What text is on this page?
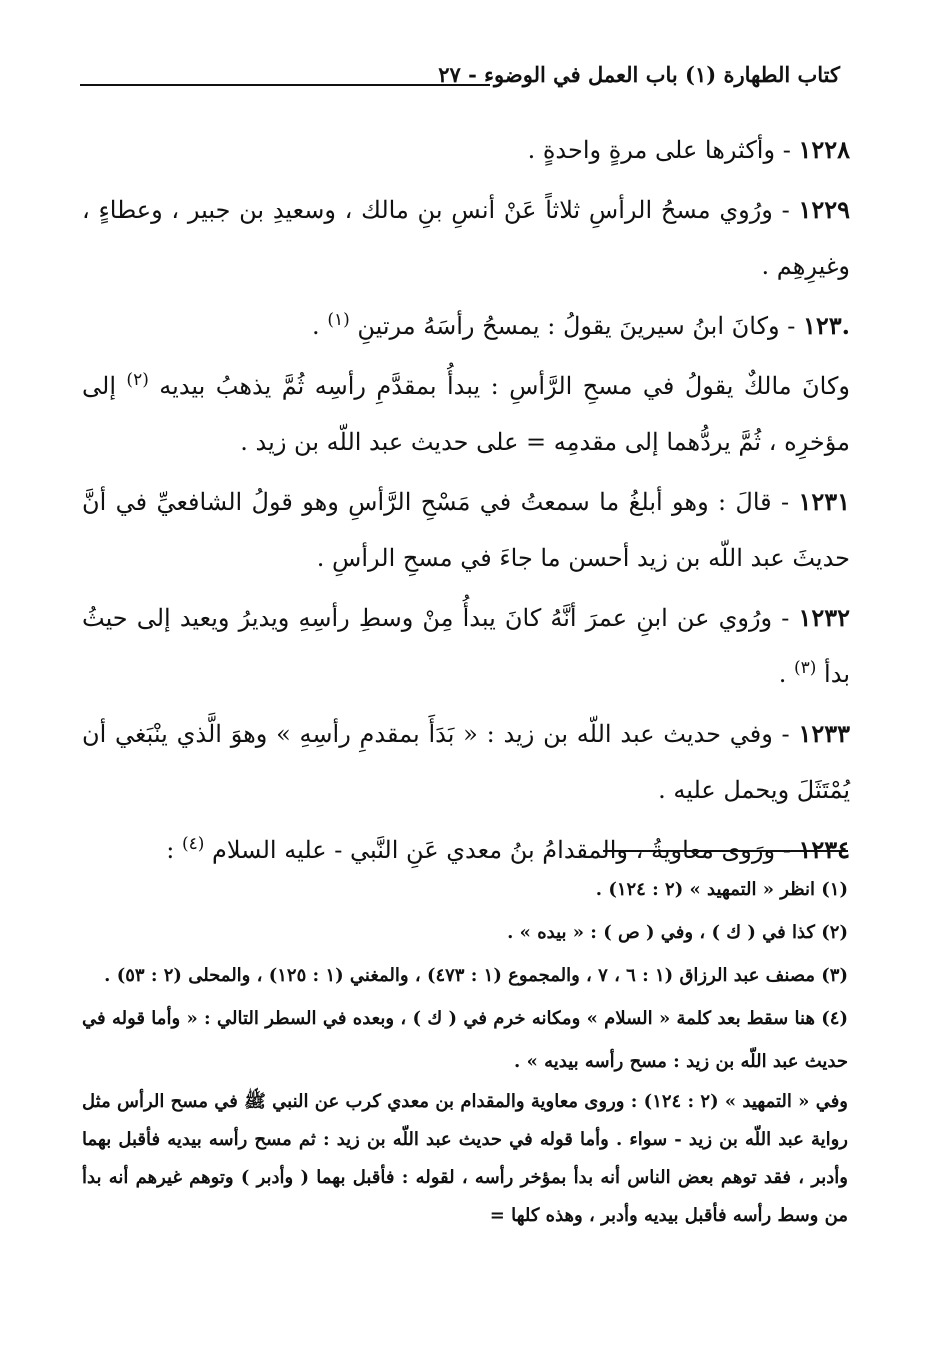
كتاب الطهارة (١) باب العمل في الوضوء - ٢٧

١٢٢٨ - وأكثرها على مرةٍ واحدةٍ .

١٢٢٩ - ورُوي مسحُ الرأسِ ثلاثاً عَنْ أنسِ بنِ مالك ، وسعيدِ بن جبير ، وعطاءٍ ، وغيرِهِم .

.١٢٣ - وكانَ ابنُ سيرينَ يقولُ : يمسحُ رأسَهُ مرتينِ $^{(١)}$ .

وكانَ مالكٌ يقولُ في مسحِ الرَّأسِ : يبدأُ بمقدَّمِ رأسِه ثُمَّ يذهبُ بيديه $^{(٢)}$ إلى مؤخرِه ، ثُمَّ يردُّهما إلى مقدمِه = على حديث عبد اللّه بن زيد .

١٢٣١ - قالَ : وهو أبلغُ ما سمعتُ في مَسْحِ الرَّأسِ وهو قولُ الشافعيِّ في أنَّ حديثَ عبد اللّه بن زيد أحسن ما جاءَ في مسحِ الرأسِ .

١٢٣٢ - ورُوي عن ابنِ عمرَ أنَّهُ كانَ يبدأُ مِنْ وسطِ رأسِهِ ويديرُ ويعيد إلى حيثُ بدأ $^{(٣)}$ .

١٢٣٣ - وفي حديث عبد اللّه بن زيد : « بَدَأَ بمقدمِ رأسِهِ » وهوَ الَّذي ينْبَغي أن يُمْتَثَلَ ويحمل عليه .

١٢٣٤ - ورَوى معاويةُ ، والمقدامُ بنُ معدي عَنِ النَّبي - عليه السلام $^{(٤)}$ :

(١) انظر « التمهيد » (٢ : ١٢٤) .

(٢) كذا في ( ك ) ، وفي ( ص ) : « بيده » .

(٣) مصنف عبد الرزاق (١ : ٦ ، ٧ ، والمجموع (١ : ٤٧٣) ، والمغني (١ : ١٢٥) ، والمحلى (٢ : ٥٣) .

(٤) هنا سقط بعد كلمة « السلام » ومكانه خرم في ( ك ) ، وبعده في السطر التالي : « وأما قوله في حديث عبد اللّه بن زيد : مسح رأسه بيديه » .

وفي « التمهيد » (٢ : ١٢٤) : وروى معاوية والمقدام بن معدي كرب عن النبي ﷺ في مسح الرأس مثل رواية عبد اللّه بن زيد - سواء . وأما قوله في حديث عبد اللّه بن زيد : ثم مسح رأسه بيديه فأقبل بهما وأدبر ، فقد توهم بعض الناس أنه بدأ بمؤخر رأسه ، لقوله : فأقبل بهما ( وأدبر ) وتوهم غيرهم أنه بدأ من وسط رأسه فأقبل بيديه وأدبر ، وهذه كلها =
